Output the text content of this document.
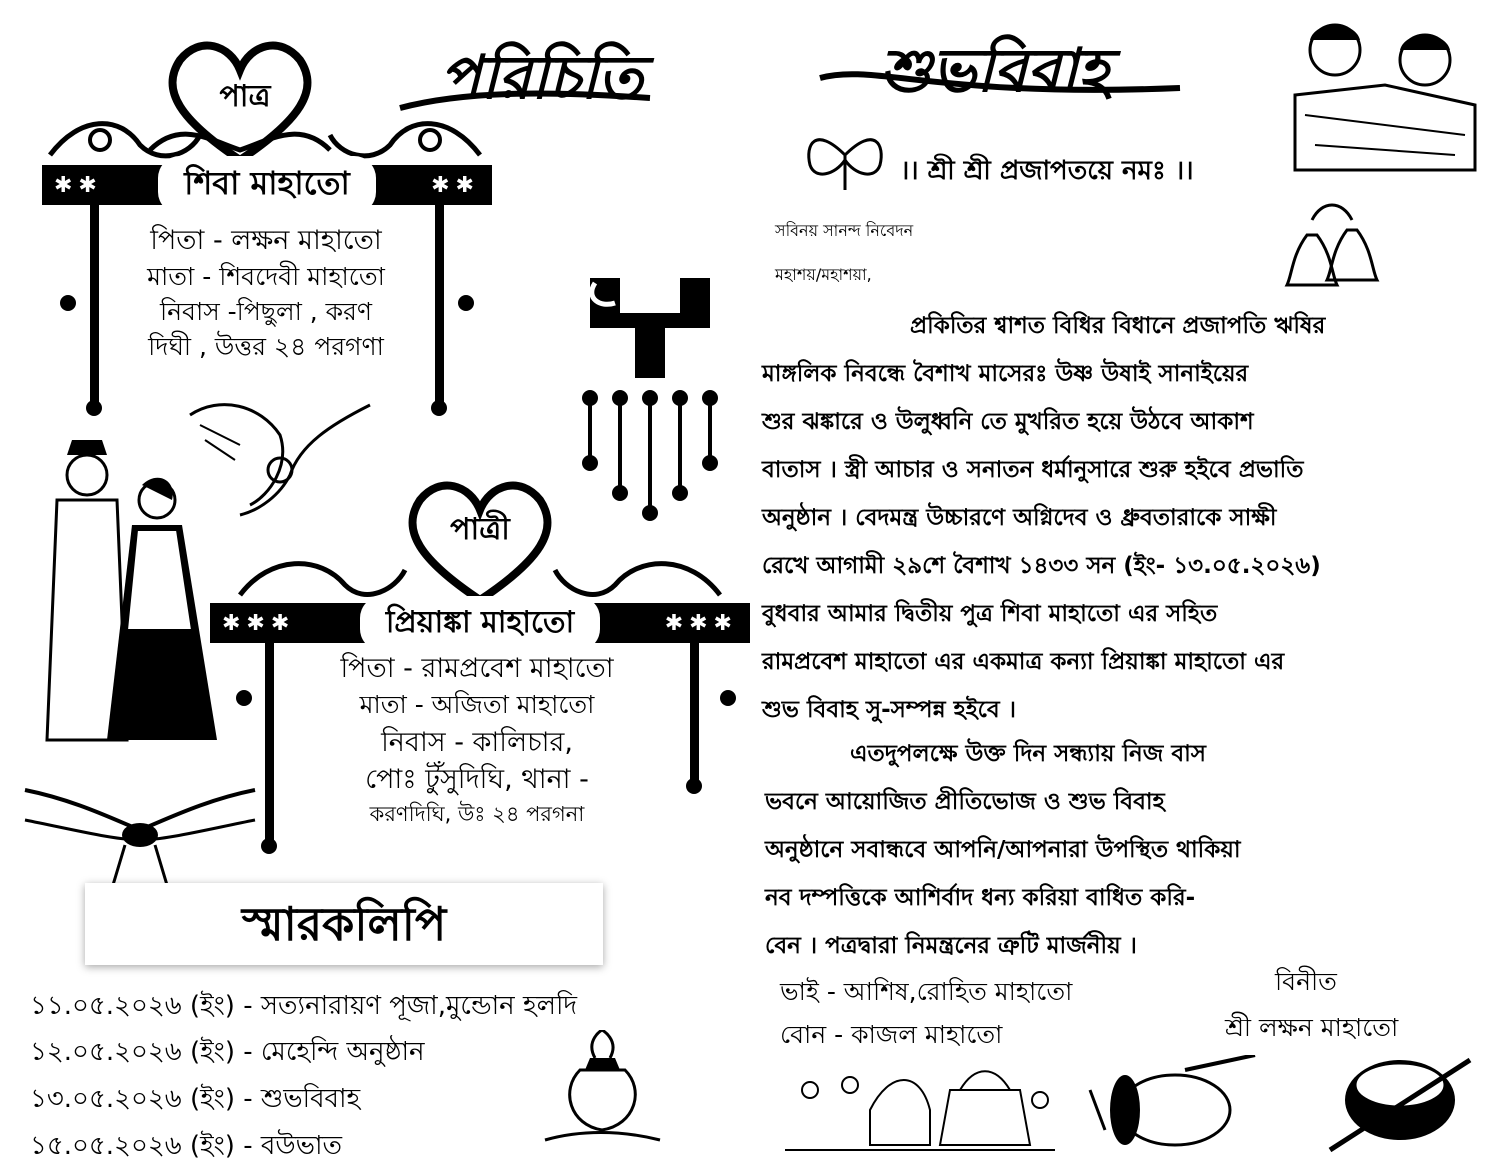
পাত্র
✱✱	শিবা মাহাতো	✱✱
পিতা - লক্ষন মাহাতো
মাতা - শিবদেবী মাহাতো
নিবাস -পিছুলা , করণ
দিঘী , উত্তর ২৪ পরগণা
পরিচিতি
পাত্রী
✱✱✱	প্রিয়াঙ্কা মাহাতো	✱✱✱
পিতা - রামপ্রবেশ মাহাতো
মাতা - অজিতা মাহাতো
নিবাস - কালিচার,
পোঃ টুঁসুদিঘি, থানা -
করণদিঘি, উঃ ২৪ পরগনা
স্মারকলিপি
১১.০৫.২০২৬ (ইং) - সত্যনারায়ণ পূজা,মুন্ডোন হলদি
১২.০৫.২০২৬ (ইং) - মেহেন্দি অনুষ্ঠান
১৩.০৫.২০২৬ (ইং) - শুভবিবাহ
১৫.০৫.২০২৬ (ইং) - বউভাত
শুভবিবাহ
।। শ্রী শ্রী প্রজাপতয়ে নমঃ ।।
সবিনয় সানন্দ নিবেদন
মহাশয়/মহাশয়া,
প্রকিতির শ্বাশত বিধির বিধানে প্রজাপতি ঋষির
মাঙ্গলিক নিবন্ধে বৈশাখ মাসেরঃ উষ্ণ উষাই সানাইয়ের
শুর ঝঙ্কারে ও উলুধ্বনি তে মুখরিত হয়ে উঠবে আকাশ
বাতাস । স্ত্রী আচার ও সনাতন ধর্মানুসারে শুরু হইবে প্রভাতি
অনুষ্ঠান । বেদমন্ত্র উচ্চারণে অগ্নিদেব ও ধ্রুবতারাকে সাক্ষী
রেখে আগামী ২৯শে বৈশাখ ১৪৩৩ সন (ইং- ১৩.০৫.২০২৬)
বুধবার আমার দ্বিতীয় পুত্র শিবা মাহাতো এর সহিত
রামপ্রবেশ মাহাতো এর একমাত্র কন্যা প্রিয়াঙ্কা মাহাতো এর
শুভ বিবাহ সু-সম্পন্ন হইবে ।
এতদুপলক্ষে উক্ত দিন সন্ধ্যায় নিজ বাস
ভবনে আয়োজিত প্রীতিভোজ ও শুভ বিবাহ
অনুষ্ঠানে সবান্ধবে আপনি/আপনারা উপস্থিত থাকিয়া
নব দম্পত্তিকে আশির্বাদ ধন্য করিয়া বাধিত করি-
বেন । পত্রদ্বারা নিমন্ত্রনের ত্রুটি মার্জনীয় ।
ভাই - আশিষ,রোহিত মাহাতো
বোন - কাজল মাহাতো
বিনীত
শ্রী লক্ষন মাহাতো
